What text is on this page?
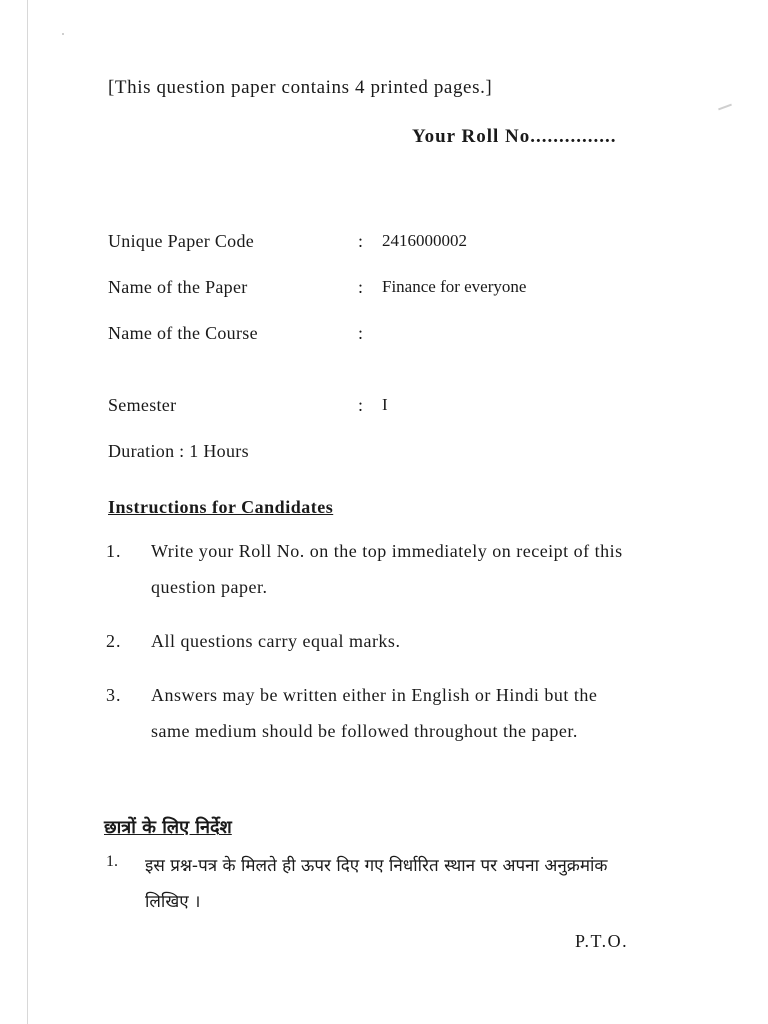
[This question paper contains 4 printed pages.]
Your Roll No...............
Unique Paper Code	: 2416000002
Name of the Paper	: Finance for everyone
Name of the Course	:
Semester	: I
Duration : 1 Hours
Instructions for Candidates
1. Write your Roll No. on the top immediately on receipt of this question paper.
2. All questions carry equal marks.
3. Answers may be written either in English or Hindi but the same medium should be followed throughout the paper.
छात्रों के लिए निर्देश
1. इस प्रश्न-पत्र के मिलते ही ऊपर दिए गए निर्धारित स्थान पर अपना अनुक्रमांक लिखिए ।
P.T.O.
